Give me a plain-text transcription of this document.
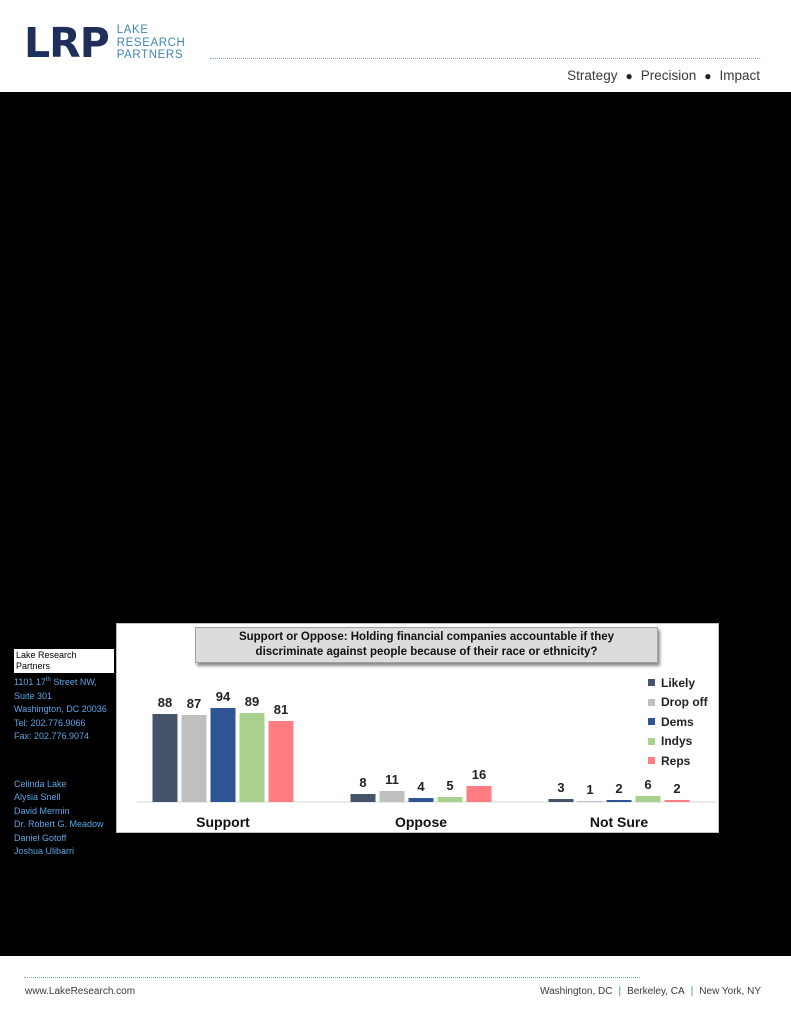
LRP LAKE
RESEARCH
PARTNERS
Strategy ● Precision ● Impact
Lake Research Partners
1101 17th Street NW,
Suite 301
Washington, DC 20036
Tel: 202.776.9066
Fax: 202.776.9074
Celinda Lake
Alysia Snell
David Mermin
Dr. Robert G. Meadow
Daniel Gotoff
Joshua Ulibarri
88 87 94 89
81
Support
8 11 4 5
16
Oppose
3 1 2 6 2
Not Sure
Support or Oppose: Holding financial companies accountable if they discriminate against people because of their race or ethnicity?
Likely
Drop off
Dems
Indys
Reps
www.LakeResearch.com	Washington, DC | Berkeley, CA | New York, NY
